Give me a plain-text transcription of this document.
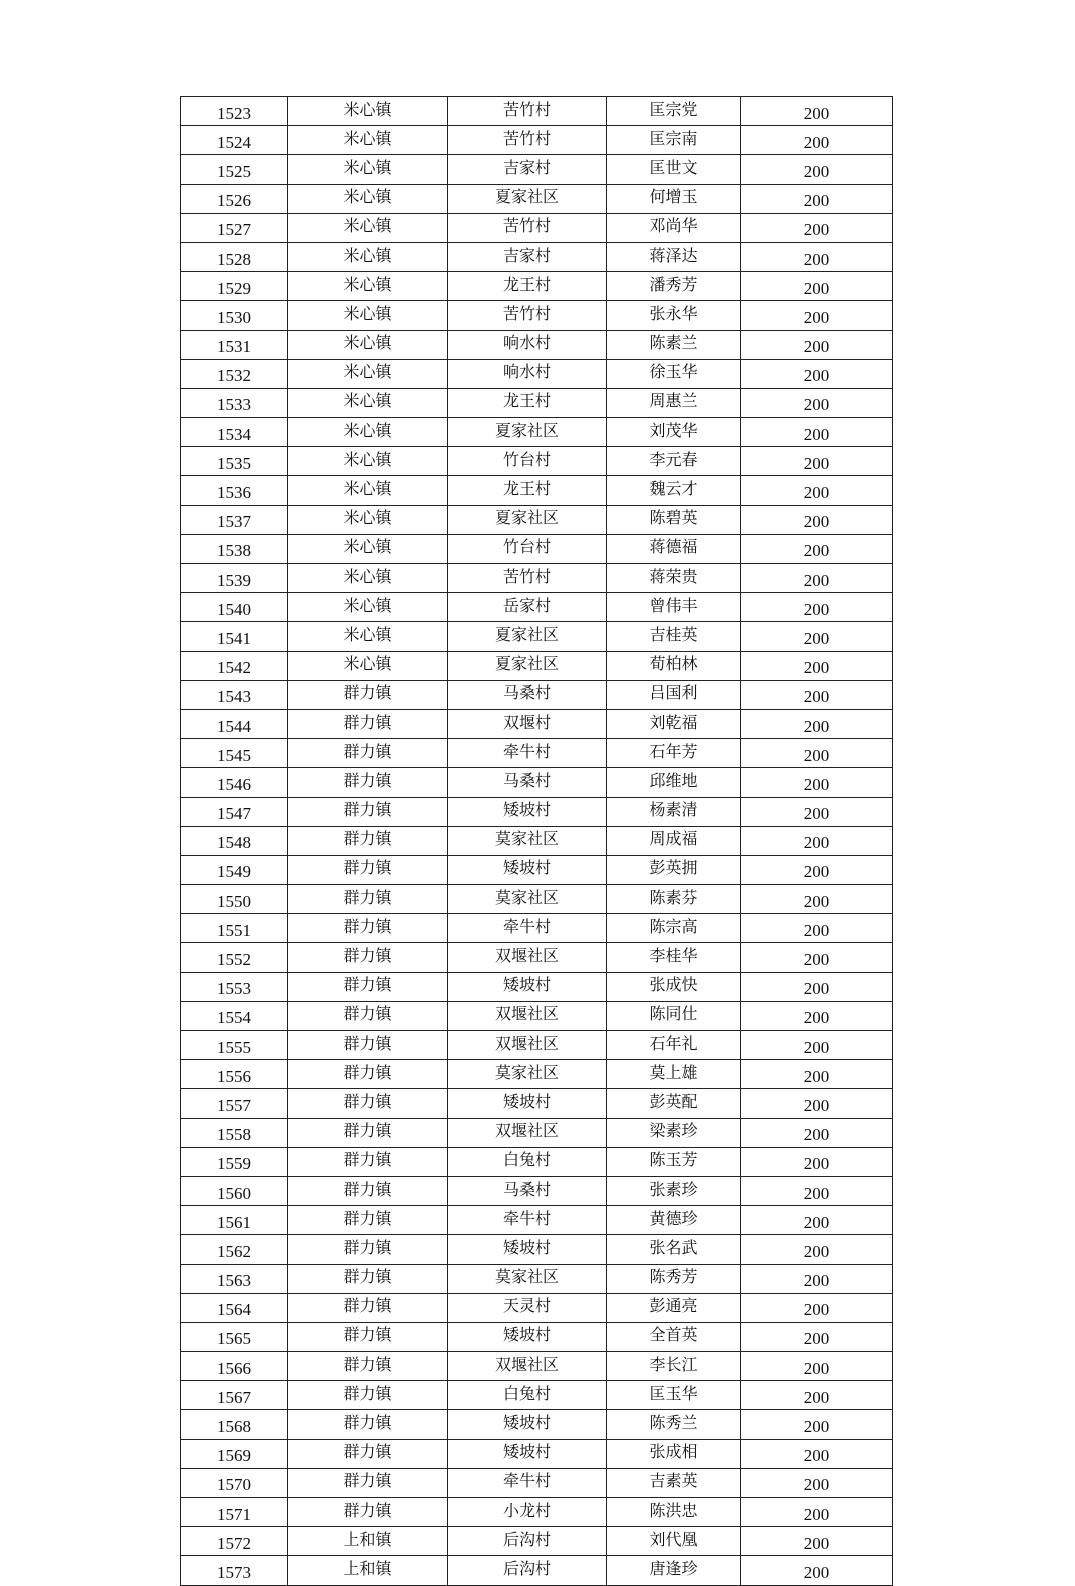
1523	米心镇	苦竹村	匡宗党	200
1524	米心镇	苦竹村	匡宗南	200
1525	米心镇	吉家村	匡世文	200
1526	米心镇	夏家社区	何增玉	200
1527	米心镇	苦竹村	邓尚华	200
1528	米心镇	吉家村	蒋泽达	200
1529	米心镇	龙王村	潘秀芳	200
1530	米心镇	苦竹村	张永华	200
1531	米心镇	响水村	陈素兰	200
1532	米心镇	响水村	徐玉华	200
1533	米心镇	龙王村	周惠兰	200
1534	米心镇	夏家社区	刘茂华	200
1535	米心镇	竹台村	李元春	200
1536	米心镇	龙王村	魏云才	200
1537	米心镇	夏家社区	陈碧英	200
1538	米心镇	竹台村	蒋德福	200
1539	米心镇	苦竹村	蒋荣贵	200
1540	米心镇	岳家村	曾伟丰	200
1541	米心镇	夏家社区	吉桂英	200
1542	米心镇	夏家社区	荀柏林	200
1543	群力镇	马桑村	吕国利	200
1544	群力镇	双堰村	刘乾福	200
1545	群力镇	牵牛村	石年芳	200
1546	群力镇	马桑村	邱维地	200
1547	群力镇	矮坡村	杨素清	200
1548	群力镇	莫家社区	周成福	200
1549	群力镇	矮坡村	彭英拥	200
1550	群力镇	莫家社区	陈素芬	200
1551	群力镇	牵牛村	陈宗高	200
1552	群力镇	双堰社区	李桂华	200
1553	群力镇	矮坡村	张成快	200
1554	群力镇	双堰社区	陈同仕	200
1555	群力镇	双堰社区	石年礼	200
1556	群力镇	莫家社区	莫上雄	200
1557	群力镇	矮坡村	彭英配	200
1558	群力镇	双堰社区	梁素珍	200
1559	群力镇	白兔村	陈玉芳	200
1560	群力镇	马桑村	张素珍	200
1561	群力镇	牵牛村	黄德珍	200
1562	群力镇	矮坡村	张名武	200
1563	群力镇	莫家社区	陈秀芳	200
1564	群力镇	天灵村	彭通亮	200
1565	群力镇	矮坡村	全首英	200
1566	群力镇	双堰社区	李长江	200
1567	群力镇	白兔村	匡玉华	200
1568	群力镇	矮坡村	陈秀兰	200
1569	群力镇	矮坡村	张成相	200
1570	群力镇	牵牛村	吉素英	200
1571	群力镇	小龙村	陈洪忠	200
1572	上和镇	后沟村	刘代凰	200
1573	上和镇	后沟村	唐逢珍	200
